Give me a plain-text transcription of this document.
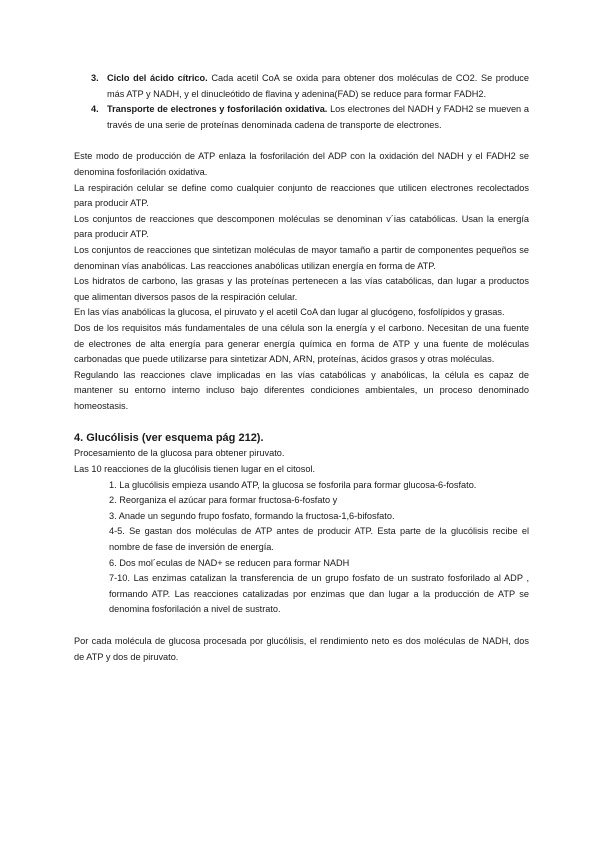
3. Ciclo del ácido cítrico. Cada acetil CoA se oxida para obtener dos moléculas de CO2. Se produce más ATP y NADH, y el dinucleótido de flavina y adenina(FAD) se reduce para formar FADH2.
4. Transporte de electrones y fosforilación oxidativa. Los electrones del NADH y FADH2 se mueven a través de una serie de proteínas denominada cadena de transporte de electrones.

Este modo de producción de ATP enlaza la fosforilación del ADP con la oxidación del NADH y el FADH2 se denomina fosforilación oxidativa.

La respiración celular se define como cualquier conjunto de reacciones que utilicen electrones recolectados para producir ATP.

Los conjuntos de reacciones que descomponen moléculas se denominan v´ias catabólicas. Usan la energía para producir ATP.

Los conjuntos de reacciones que sintetizan moléculas de mayor tamaño a partir de componentes pequeños se denominan vías anabólicas. Las reacciones anabólicas utilizan energía en forma de ATP.

Los hidratos de carbono, las grasas y las proteínas pertenecen a las vías catabólicas, dan lugar a productos que alimentan diversos pasos de la respiración celular.

En las vías anabólicas la glucosa, el piruvato y el acetil CoA dan lugar al glucógeno, fosfolípidos y grasas.

Dos de los requisitos más fundamentales de una célula son la energía y el carbono. Necesitan de una fuente de electrones de alta energía para generar energía química en forma de ATP y una fuente de moléculas carbonadas que puede utilizarse para sintetizar ADN, ARN, proteínas, ácidos grasos y otras moléculas.

Regulando las reacciones clave implicadas en las vías catabólicas y anabólicas, la célula es capaz de mantener su entorno interno incluso bajo diferentes condiciones ambientales, un proceso denominado homeostasis.

4. Glucólisis (ver esquema pág 212).

Procesamiento de la glucosa para obtener piruvato.

Las 10 reacciones de la glucólisis tienen lugar en el citosol.

1. La glucólisis empieza usando ATP, la glucosa se fosforila para formar glucosa-6-fosfato.

2. Reorganiza el azúcar para formar fructosa-6-fosfato y

3. Anade un segundo frupo fosfato, formando la fructosa-1,6-bifosfato.

4-5. Se gastan dos moléculas de ATP antes de producir ATP. Esta parte de la glucólisis recibe el nombre de fase de inversión de energía.

6. Dos mol´eculas de NAD+ se reducen para formar NADH

7-10. Las enzimas catalizan la transferencia de un grupo fosfato de un sustrato fosforilado al ADP , formando ATP. Las reacciones catalizadas por enzimas que dan lugar a la producción de ATP se denomina fosforilación a nivel de sustrato.

Por cada molécula de glucosa procesada por glucólisis, el rendimiento neto es dos moléculas de NADH, dos de ATP y dos de piruvato.
